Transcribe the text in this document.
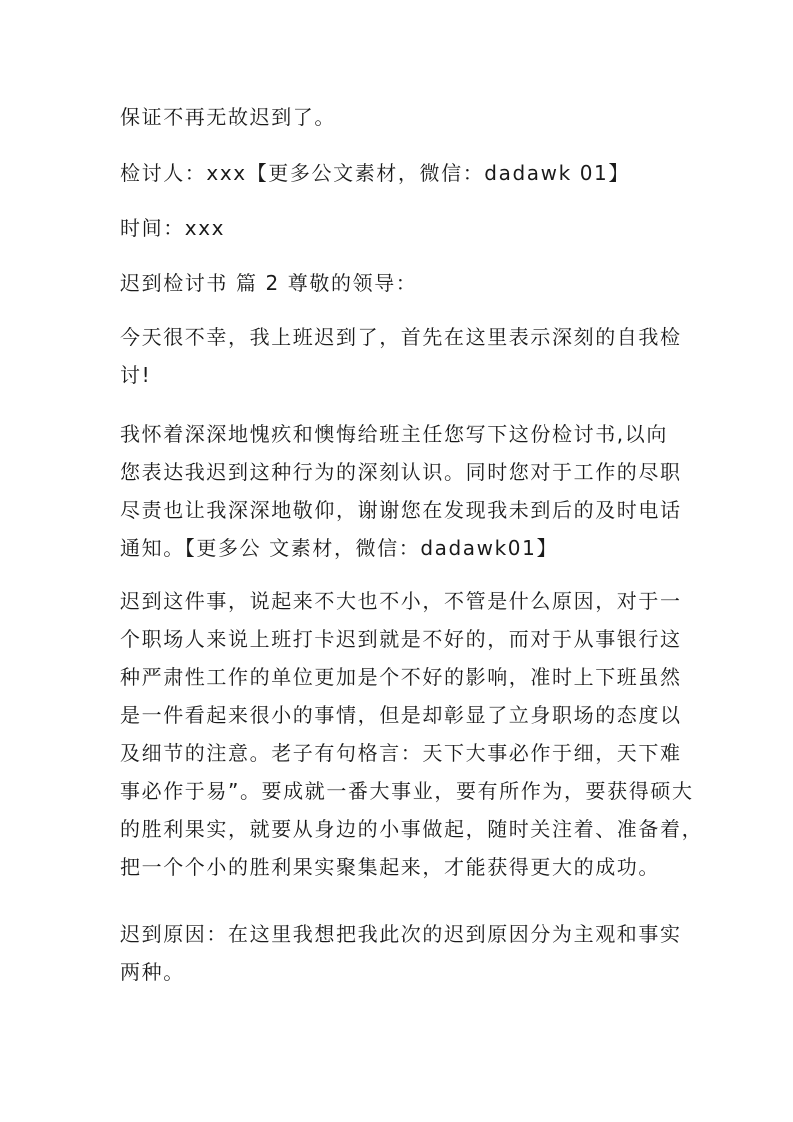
保证不再无故迟到了。

检讨人：xxx【更多公文素材，微信：dadawk 01】

时间：xxx

迟到检讨书 篇 2 尊敬的领导：

今天很不幸，我上班迟到了，首先在这里表示深刻的自我检
讨!

我怀着深深地愧疚和懊悔给班主任您写下这份检讨书,以向
您表达我迟到这种行为的深刻认识。同时您对于工作的尽职
尽责也让我深深地敬仰，谢谢您在发现我未到后的及时电话
通知。【更多公 文素材，微信：dadawk01】

迟到这件事，说起来不大也不小，不管是什么原因，对于一
个职场人来说上班打卡迟到就是不好的，而对于从事银行这
种严肃性工作的单位更加是个不好的影响，准时上下班虽然
是一件看起来很小的事情，但是却彰显了立身职场的态度以
及细节的注意。老子有句格言：天下大事必作于细，天下难
事必作于易”。要成就一番大事业，要有所作为，要获得硕大
的胜利果实，就要从身边的小事做起，随时关注着、准备着，
把一个个小的胜利果实聚集起来，才能获得更大的成功。

迟到原因：在这里我想把我此次的迟到原因分为主观和事实
两种。
